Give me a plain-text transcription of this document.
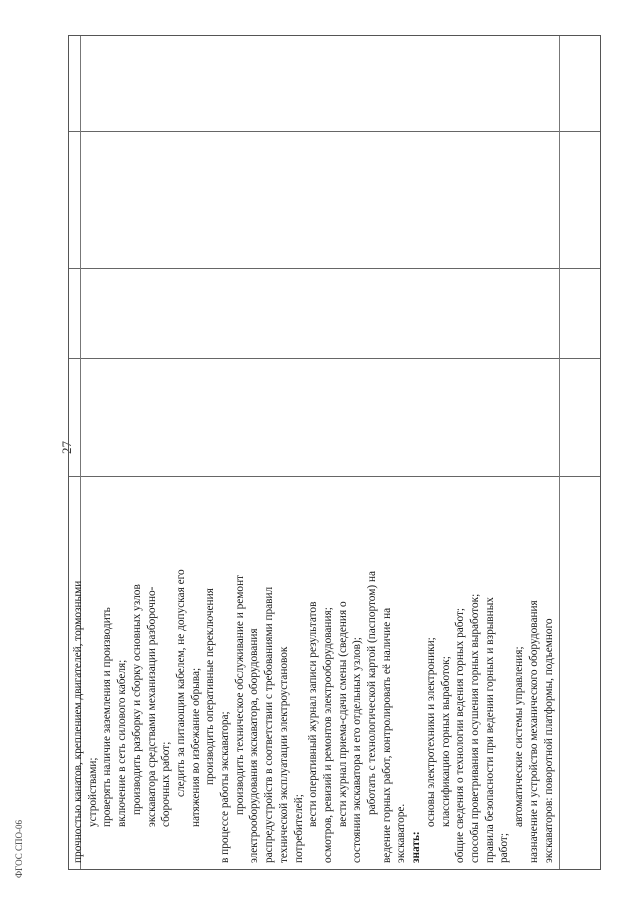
27
ФГОС СПО-06	прочностью канатов, креплением двигателей, тормозными устройствами; проверять наличие заземления и производить включение в сеть силового кабеля; производить разборку и сборку основных узлов экскаватора средствами механизации разборочно- сборочных работ; следить за питающим кабелем, не допуская его натяжения во избежание обрыва; производить оперативные переключения

в процессе работы экскаватора; производить техническое обслуживание и ремонт электрооборудования экскаватора, оборудования распредустройств в соответствии с требованиями правил технической эксплуатации электроустановок потребителей;

вести оперативный журнал записи результатов осмотров, ревизий и ремонтов электрооборудования; вести журнал приема-сдачи смены (сведения о состоянии экскаватора и его отдельных узлов); работать с технологической картой (паспортом) на ведение горных работ, контролировать её наличие на экскаваторе. знать:

основы электротехники и электроники; классификацию горных выработок; общие сведения о технологии ведения горных работ; способы проветривания и осушения горных выработок; правила безопасности при ведении горных и взрывных работ;

автоматические системы управления; назначение и устройство механического оборудования экскаваторов: поворотной платформы, подъемного
